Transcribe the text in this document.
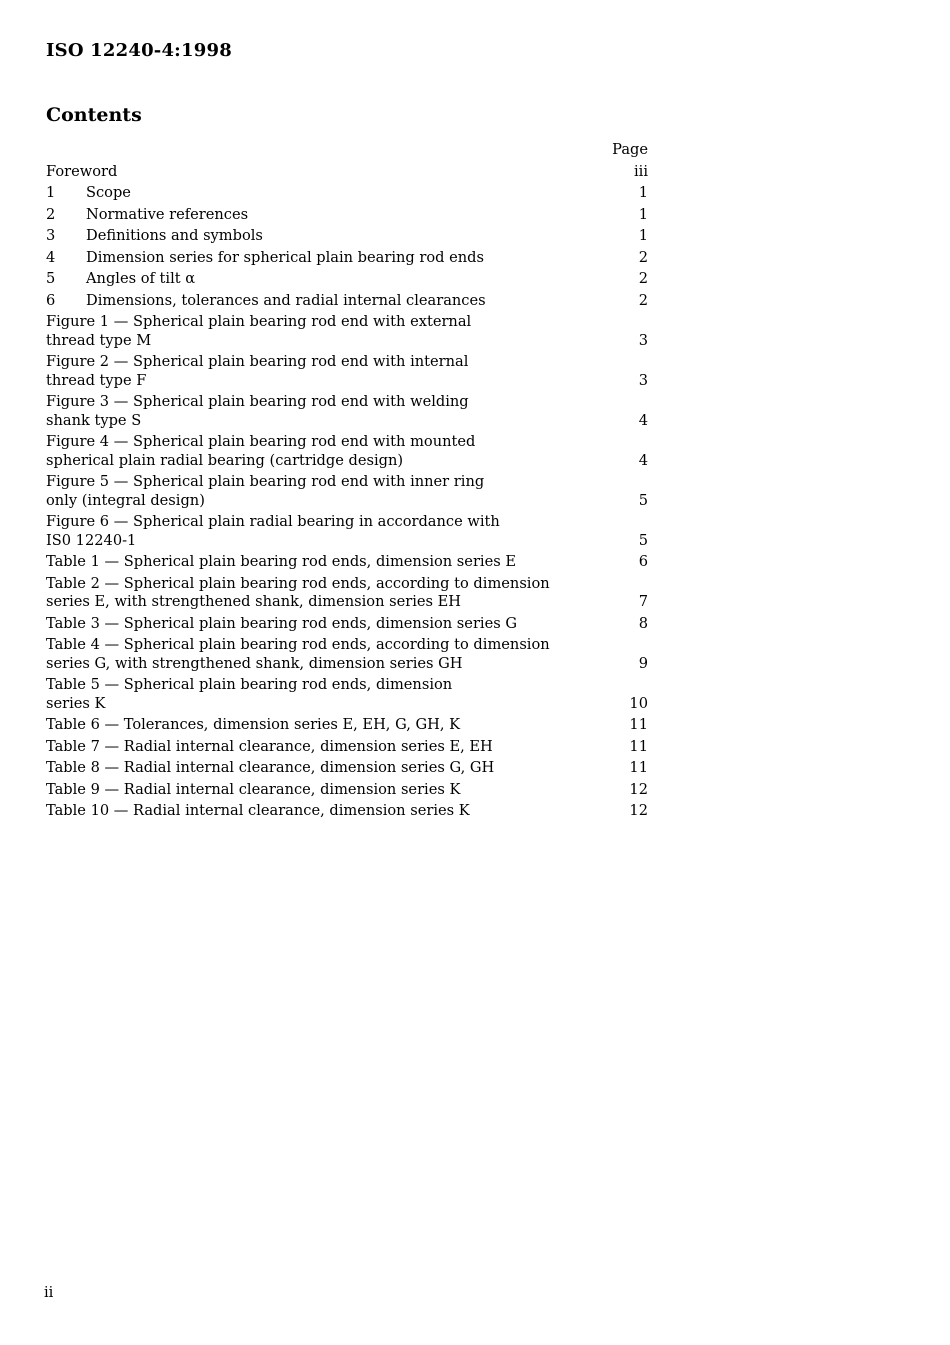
ISO 12240-4:1998
Contents
Page
Foreword	iii
1	Scope	1
2	Normative references	1
3	Definitions and symbols	1
4	Dimension series for spherical plain bearing rod ends	2
5	Angles of tilt α	2
6	Dimensions, tolerances and radial internal clearances	2
Figure 1 — Spherical plain bearing rod end with external
thread type M	3
Figure 2 — Spherical plain bearing rod end with internal
thread type F	3
Figure 3 — Spherical plain bearing rod end with welding
shank type S	4
Figure 4 — Spherical plain bearing rod end with mounted
spherical plain radial bearing (cartridge design)	4
Figure 5 — Spherical plain bearing rod end with inner ring
only (integral design)	5
Figure 6 — Spherical plain radial bearing in accordance with
IS0 12240-1	5
Table 1 — Spherical plain bearing rod ends, dimension series E	6
Table 2 — Spherical plain bearing rod ends, according to dimension
series E, with strengthened shank, dimension series EH	7
Table 3 — Spherical plain bearing rod ends, dimension series G	8
Table 4 — Spherical plain bearing rod ends, according to dimension
series G, with strengthened shank, dimension series GH	9
Table 5 — Spherical plain bearing rod ends, dimension
series K	10
Table 6 — Tolerances, dimension series E, EH, G, GH, K	11
Table 7 — Radial internal clearance, dimension series E, EH	11
Table 8 — Radial internal clearance, dimension series G, GH	11
Table 9 — Radial internal clearance, dimension series K	12
Table 10 — Radial internal clearance, dimension series K	12
ii
